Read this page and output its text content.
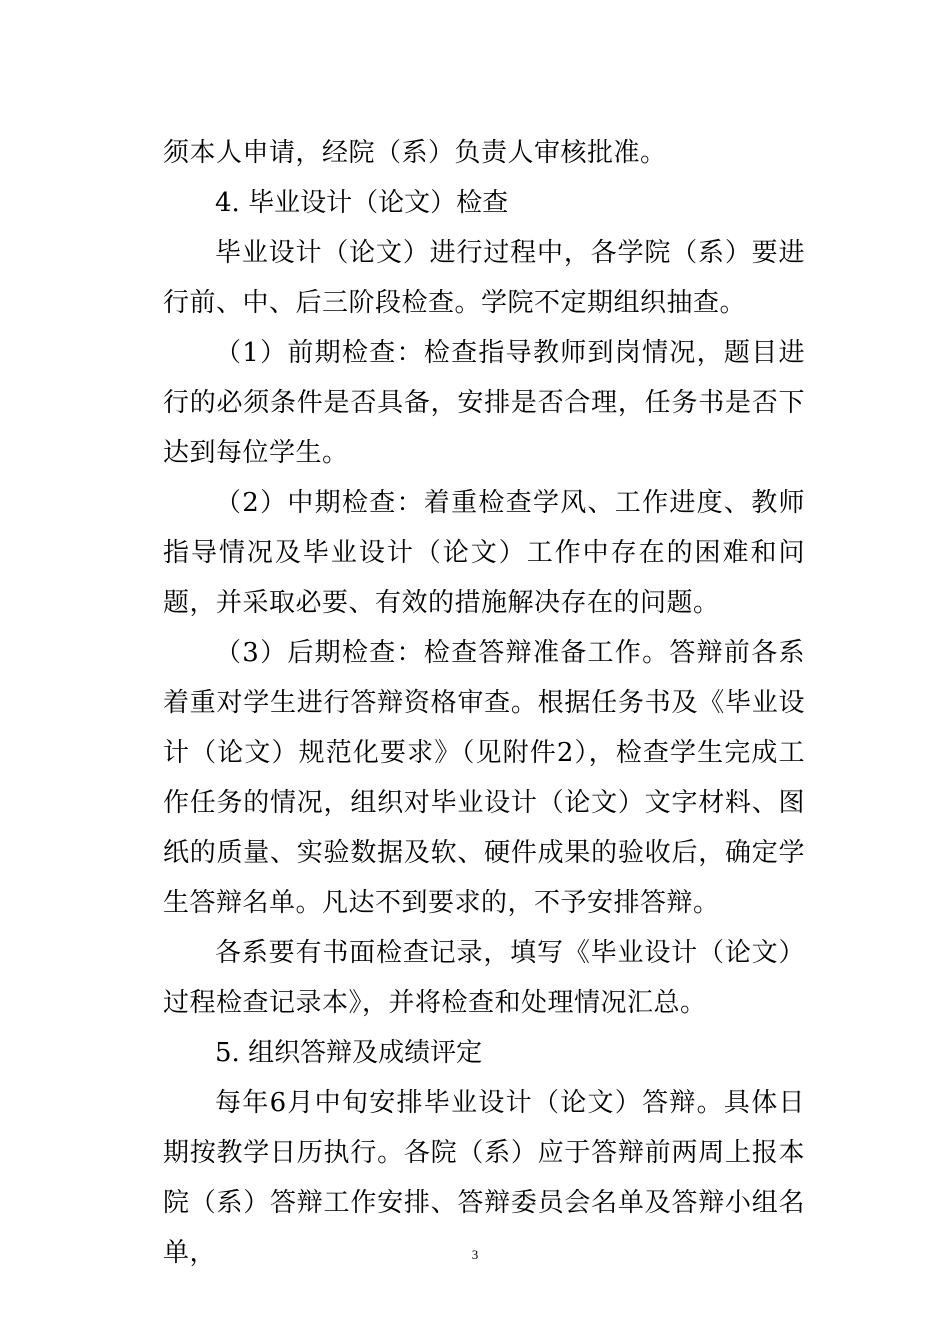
须本人申请，经院（系）负责人审核批准。

4. 毕业设计（论文）检查

毕业设计（论文）进行过程中，各学院（系）要进行前、中、后三阶段检查。学院不定期组织抽查。

（1）前期检查：检查指导教师到岗情况，题目进行的必须条件是否具备，安排是否合理，任务书是否下达到每位学生。

（2）中期检查：着重检查学风、工作进度、教师指导情况及毕业设计（论文）工作中存在的困难和问题，并采取必要、有效的措施解决存在的问题。

（3）后期检查：检查答辩准备工作。答辩前各系着重对学生进行答辩资格审查。根据任务书及《毕业设计（论文）规范化要求》（见附件2），检查学生完成工作任务的情况，组织对毕业设计（论文）文字材料、图纸的质量、实验数据及软、硬件成果的验收后，确定学生答辩名单。凡达不到要求的，不予安排答辩。

各系要有书面检查记录，填写《毕业设计（论文）过程检查记录本》，并将检查和处理情况汇总。

5. 组织答辩及成绩评定

每年6月中旬安排毕业设计（论文）答辩。具体日期按教学日历执行。各院（系）应于答辩前两周上报本院（系）答辩工作安排、答辩委员会名单及答辩小组名单，	3
